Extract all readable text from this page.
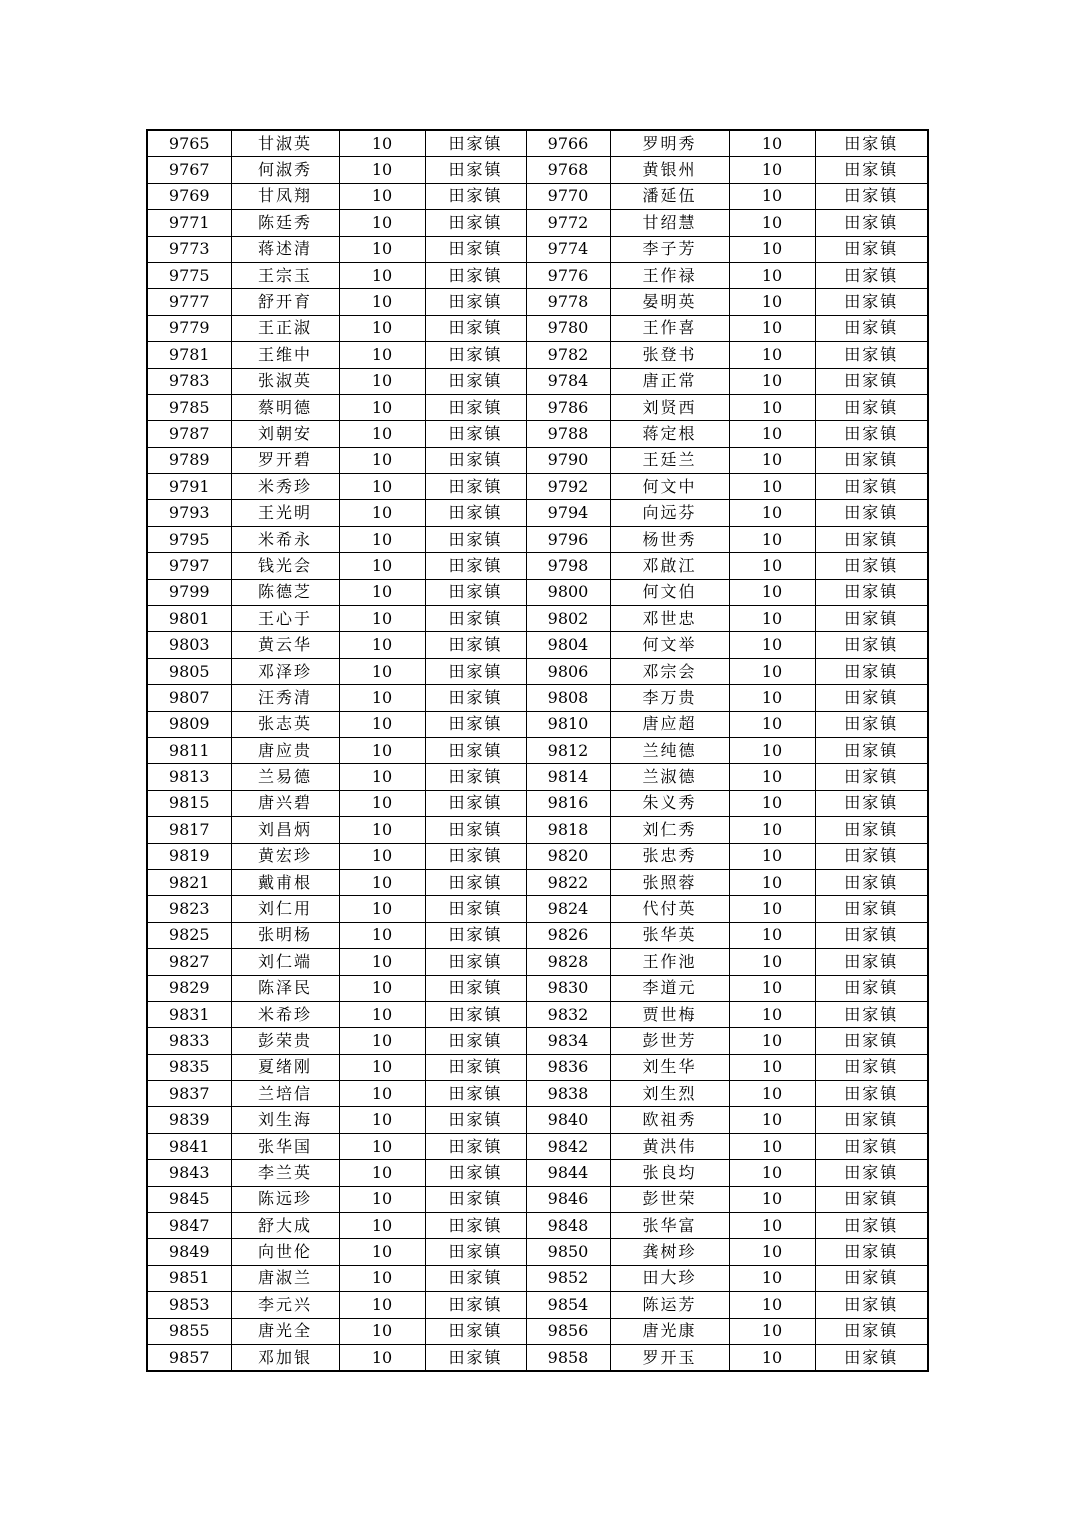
9765	甘淑英	10	田家镇	9766	罗明秀	10	田家镇
9767	何淑秀	10	田家镇	9768	黄银州	10	田家镇
9769	甘凤翔	10	田家镇	9770	潘延伍	10	田家镇
9771	陈廷秀	10	田家镇	9772	甘绍慧	10	田家镇
9773	蒋述清	10	田家镇	9774	李子芳	10	田家镇
9775	王宗玉	10	田家镇	9776	王作禄	10	田家镇
9777	舒开育	10	田家镇	9778	晏明英	10	田家镇
9779	王正淑	10	田家镇	9780	王作喜	10	田家镇
9781	王维中	10	田家镇	9782	张登书	10	田家镇
9783	张淑英	10	田家镇	9784	唐正常	10	田家镇
9785	蔡明德	10	田家镇	9786	刘贤西	10	田家镇
9787	刘朝安	10	田家镇	9788	蒋定根	10	田家镇
9789	罗开碧	10	田家镇	9790	王廷兰	10	田家镇
9791	米秀珍	10	田家镇	9792	何文中	10	田家镇
9793	王光明	10	田家镇	9794	向远芬	10	田家镇
9795	米希永	10	田家镇	9796	杨世秀	10	田家镇
9797	钱光会	10	田家镇	9798	邓啟江	10	田家镇
9799	陈德芝	10	田家镇	9800	何文伯	10	田家镇
9801	王心于	10	田家镇	9802	邓世忠	10	田家镇
9803	黄云华	10	田家镇	9804	何文举	10	田家镇
9805	邓泽珍	10	田家镇	9806	邓宗会	10	田家镇
9807	汪秀清	10	田家镇	9808	李万贵	10	田家镇
9809	张志英	10	田家镇	9810	唐应超	10	田家镇
9811	唐应贵	10	田家镇	9812	兰纯德	10	田家镇
9813	兰易德	10	田家镇	9814	兰淑德	10	田家镇
9815	唐兴碧	10	田家镇	9816	朱义秀	10	田家镇
9817	刘昌炳	10	田家镇	9818	刘仁秀	10	田家镇
9819	黄宏珍	10	田家镇	9820	张忠秀	10	田家镇
9821	戴甫根	10	田家镇	9822	张照蓉	10	田家镇
9823	刘仁用	10	田家镇	9824	代付英	10	田家镇
9825	张明杨	10	田家镇	9826	张华英	10	田家镇
9827	刘仁端	10	田家镇	9828	王作池	10	田家镇
9829	陈泽民	10	田家镇	9830	李道元	10	田家镇
9831	米希珍	10	田家镇	9832	贾世梅	10	田家镇
9833	彭荣贵	10	田家镇	9834	彭世芳	10	田家镇
9835	夏绪刚	10	田家镇	9836	刘生华	10	田家镇
9837	兰培信	10	田家镇	9838	刘生烈	10	田家镇
9839	刘生海	10	田家镇	9840	欧祖秀	10	田家镇
9841	张华国	10	田家镇	9842	黄洪伟	10	田家镇
9843	李兰英	10	田家镇	9844	张良均	10	田家镇
9845	陈远珍	10	田家镇	9846	彭世荣	10	田家镇
9847	舒大成	10	田家镇	9848	张华富	10	田家镇
9849	向世伦	10	田家镇	9850	龚树珍	10	田家镇
9851	唐淑兰	10	田家镇	9852	田大珍	10	田家镇
9853	李元兴	10	田家镇	9854	陈运芳	10	田家镇
9855	唐光全	10	田家镇	9856	唐光康	10	田家镇
9857	邓加银	10	田家镇	9858	罗开玉	10	田家镇
